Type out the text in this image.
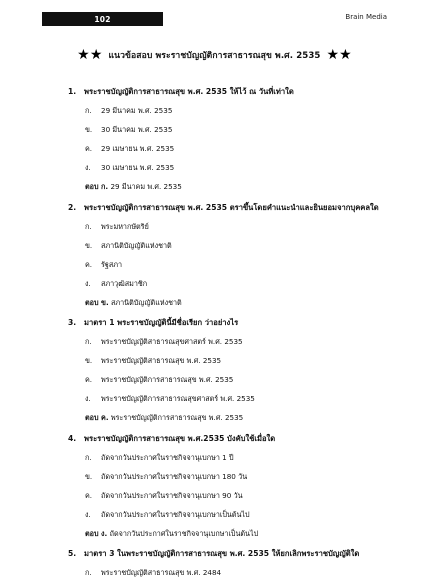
102	Brain Media
★★ แนวข้อสอบ พระราชบัญญัติการสาธารณสุข พ.ศ. 2535 ★★
1.	พระราชบัญญัติการสาธารณสุข พ.ศ. 2535 ให้ไว้ ณ วันที่เท่าใด
ก.	29 มีนาคม พ.ศ. 2535
ข.	30 มีนาคม พ.ศ. 2535
ค.	29 เมษายน พ.ศ. 2535
ง.	30 เมษายน พ.ศ. 2535
ตอบ ก. 29 มีนาคม พ.ศ. 2535
2.	พระราชบัญญัติการสาธารณสุข พ.ศ. 2535 ตราขึ้นโดยคำแนะนำและยินยอมจากบุคคลใด
ก.	พระมหากษัตริย์
ข.	สภานิติบัญญัติแห่งชาติ
ค.	รัฐสภา
ง.	สภาวุฒิสมาชิก
ตอบ ข. สภานิติบัญญัติแห่งชาติ
3.	มาตรา 1 พระราชบัญญัตินี้มีชื่อเรียก ว่าอย่างไร
ก.	พระราชบัญญัติสาธารณสุขศาสตร์ พ.ศ. 2535
ข.	พระราชบัญญัติสาธารณสุข พ.ศ. 2535
ค.	พระราชบัญญัติการสาธารณสุข พ.ศ. 2535
ง.	พระราชบัญญัติการสาธารณสุขศาสตร์ พ.ศ. 2535
ตอบ ค. พระราชบัญญัติการสาธารณสุข พ.ศ. 2535
4.	พระราชบัญญัติการสาธารณสุข พ.ศ.2535 บังคับใช้เมื่อใด
ก.	ถัดจากวันประกาศในราชกิจจานุเบกษา 1 ปี
ข.	ถัดจากวันประกาศในราชกิจจานุเบกษา 180 วัน
ค.	ถัดจากวันประกาศในราชกิจจานุเบกษา 90 วัน
ง.	ถัดจากวันประกาศในราชกิจจานุเบกษาเป็นต้นไป
ตอบ ง. ถัดจากวันประกาศในราชกิจจานุเบกษาเป็นต้นไป
5.	มาตรา 3 ในพระราชบัญญัติการสาธารณสุข พ.ศ. 2535 ให้ยกเลิกพระราชบัญญัติใด
ก.	พระราชบัญญัติสาธารณสุข พ.ศ. 2484
